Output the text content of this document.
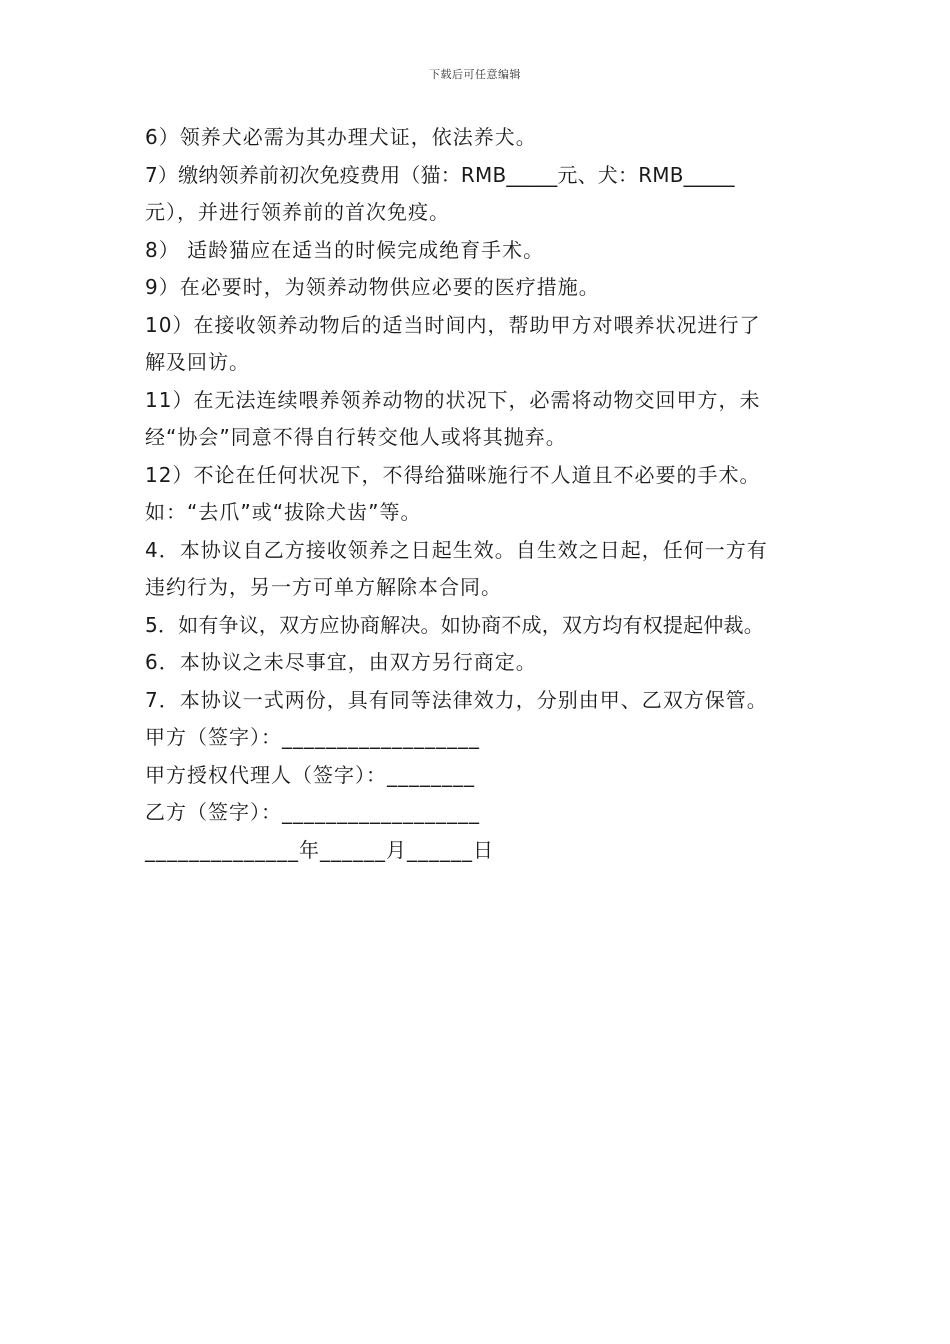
下载后可任意编辑
6）领养犬必需为其办理犬证，依法养犬。
7）缴纳领养前初次免疫费用（猫：RMB_____元、犬：RMB_____
元），并进行领养前的首次免疫。
8） 适龄猫应在适当的时候完成绝育手术。
9）在必要时，为领养动物供应必要的医疗措施。
10）在接收领养动物后的适当时间内，帮助甲方对喂养状况进行了
解及回访。
11）在无法连续喂养领养动物的状况下，必需将动物交回甲方，未
经“协会”同意不得自行转交他人或将其抛弃。
12）不论在任何状况下，不得给猫咪施行不人道且不必要的手术。
如：“去爪”或“拔除犬齿”等。
4．本协议自乙方接收领养之日起生效。自生效之日起，任何一方有
违约行为，另一方可单方解除本合同。
5．如有争议，双方应协商解决。如协商不成，双方均有权提起仲裁。
6．本协议之未尽事宜，由双方另行商定。
7．本协议一式两份，具有同等法律效力，分别由甲、乙双方保管。
甲方（签字）：__________________
甲方授权代理人（签字）：________
乙方（签字）：__________________
______________年______月______日
